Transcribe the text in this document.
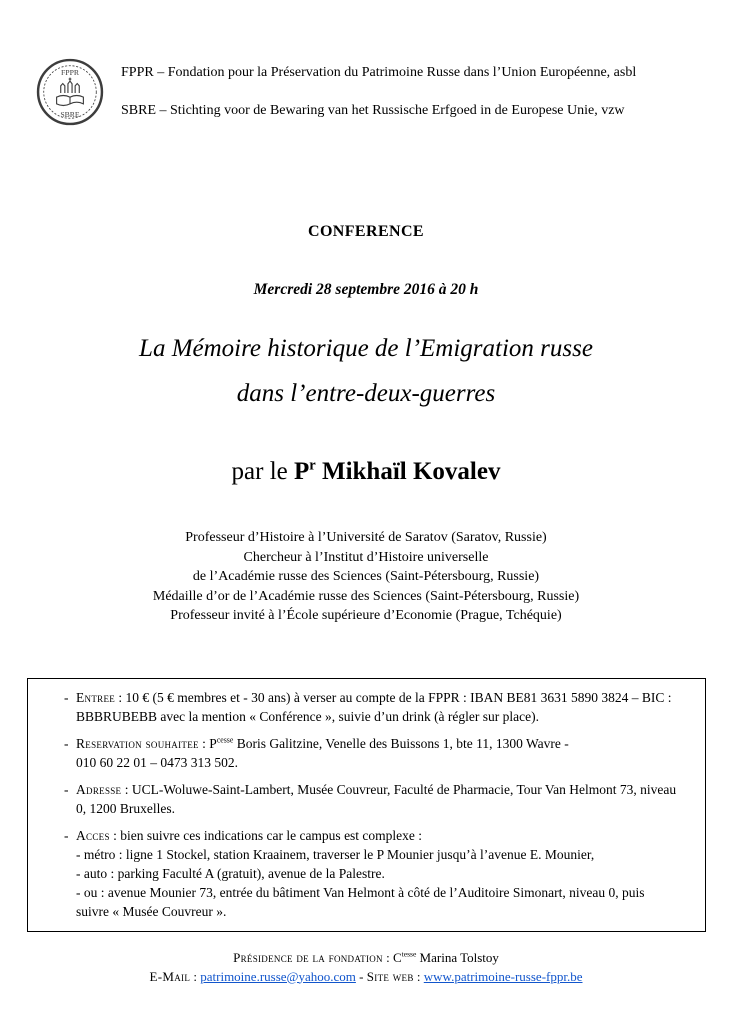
FPPR
SBRE

FPPR – Fondation pour la Préservation du Patrimoine Russe dans l’Union Européenne, asbl

SBRE – Stichting voor de Bewaring van het Russische Erfgoed in de Europese Unie, vzw

CONFERENCE

Mercredi 28 septembre 2016 à 20 h

La Mémoire historique de l’Emigration russe
dans l’entre-deux-guerres

par le $P^r$ Mikhaïl Kovalev

Professeur d’Histoire à l’Université de Saratov (Saratov, Russie)

Chercheur à l’Institut d’Histoire universelle

de l’Académie russe des Sciences (Saint-Pétersbourg, Russie)

Médaille d’or de l’Académie russe des Sciences (Saint-Pétersbourg, Russie)

Professeur invité à l’École supérieure d’Economie (Prague, Tchéquie)

- Entree : 10 € (5 € membres et - 30 ans) à verser au compte de la FPPR : IBAN BE81 3631 5890 3824 – BIC : BBBRUBEBB avec la mention « Conférence », suivie d’un drink (à régler sur place).

- Reservation souhaitee : $P^{cesse}$ Boris Galitzine, Venelle des Buissons 1, bte 11, 1300 Wavre -
010 60 22 01 – 0473 313 502.

- Adresse : UCL-Woluwe-Saint-Lambert, Musée Couvreur, Faculté de Pharmacie, Tour Van Helmont 73, niveau 0, 1200 Bruxelles.

- Acces : bien suivre ces indications car le campus est complexe :
- métro : ligne 1 Stockel, station Kraainem, traverser le P Mounier jusqu’à l’avenue E. Mounier,
- auto : parking Faculté A (gratuit), avenue de la Palestre.
- ou : avenue Mounier 73, entrée du bâtiment Van Helmont à côté de l’Auditoire Simonart, niveau 0, puis suivre « Musée Couvreur ».

Présidence de la fondation : $C^{tesse}$ Marina Tolstoy

E-Mail : patrimoine.russe@yahoo.com - Site web : www.patrimoine-russe-fppr.be
